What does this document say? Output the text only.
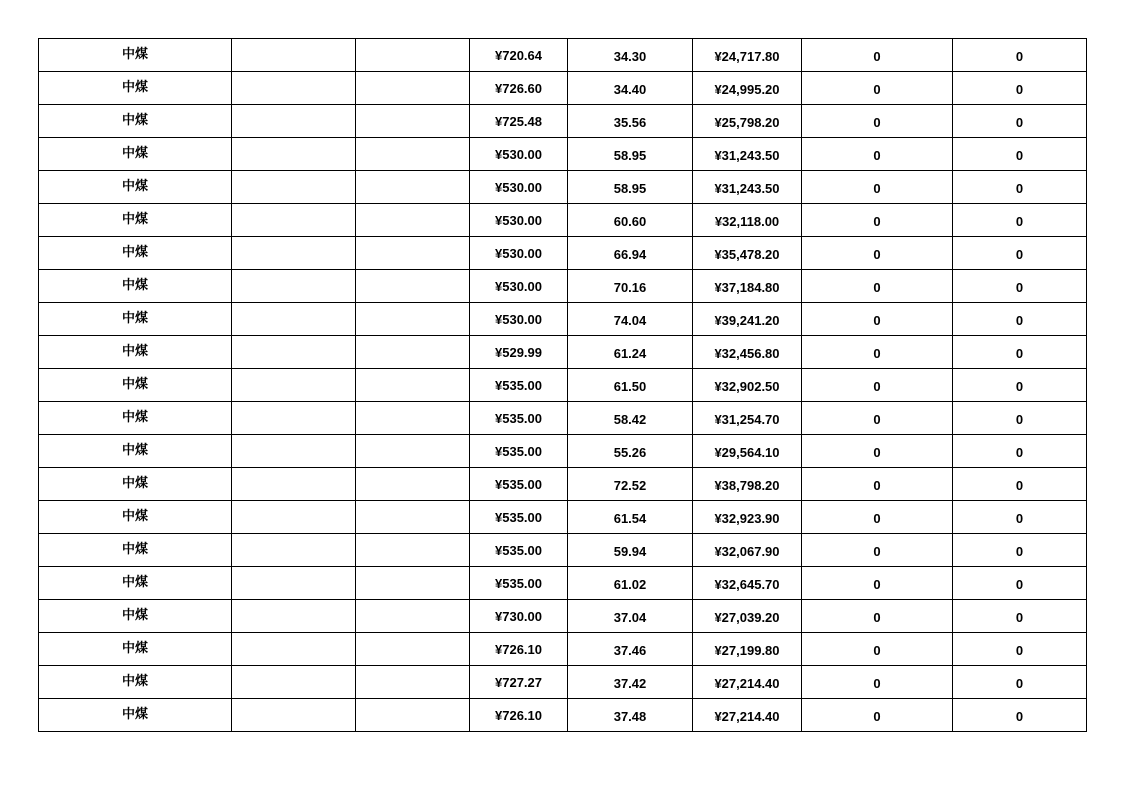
中煤			¥720.64	34.30	¥24,717.80	0	0
中煤			¥726.60	34.40	¥24,995.20	0	0
中煤			¥725.48	35.56	¥25,798.20	0	0
中煤			¥530.00	58.95	¥31,243.50	0	0
中煤			¥530.00	58.95	¥31,243.50	0	0
中煤			¥530.00	60.60	¥32,118.00	0	0
中煤			¥530.00	66.94	¥35,478.20	0	0
中煤			¥530.00	70.16	¥37,184.80	0	0
中煤			¥530.00	74.04	¥39,241.20	0	0
中煤			¥529.99	61.24	¥32,456.80	0	0
中煤			¥535.00	61.50	¥32,902.50	0	0
中煤			¥535.00	58.42	¥31,254.70	0	0
中煤			¥535.00	55.26	¥29,564.10	0	0
中煤			¥535.00	72.52	¥38,798.20	0	0
中煤			¥535.00	61.54	¥32,923.90	0	0
中煤			¥535.00	59.94	¥32,067.90	0	0
中煤			¥535.00	61.02	¥32,645.70	0	0
中煤			¥730.00	37.04	¥27,039.20	0	0
中煤			¥726.10	37.46	¥27,199.80	0	0
中煤			¥727.27	37.42	¥27,214.40	0	0
中煤			¥726.10	37.48	¥27,214.40	0	0
